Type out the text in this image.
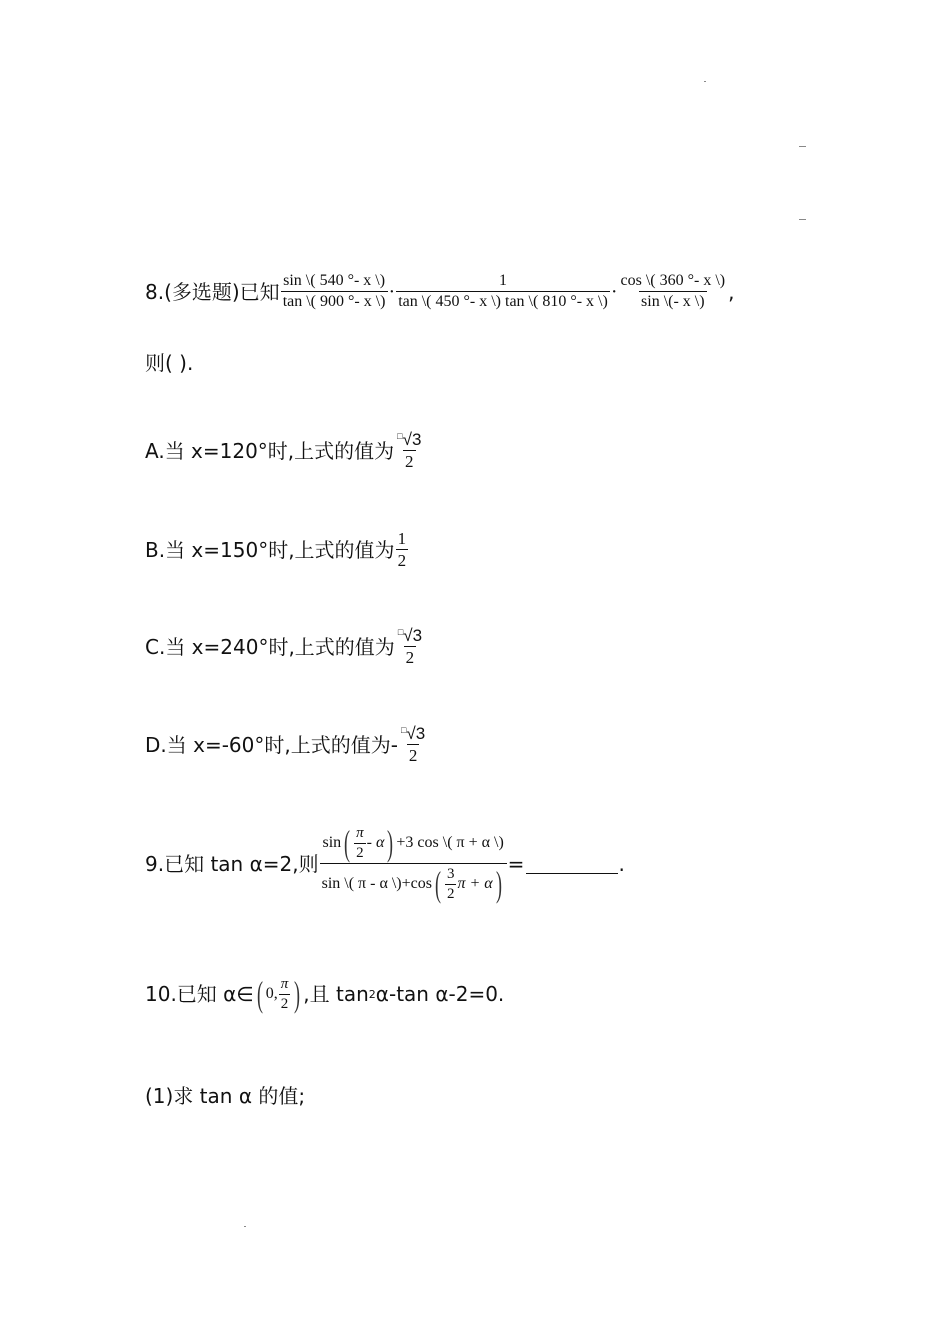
8.(多选题)已知 $\frac{\sin \backslash( 540 ^\circ- x \backslash)}{\tan \backslash( 900 ^\circ- x \backslash)} \cdot \frac{1}{\tan \backslash( 450 ^\circ- x \backslash) \tan \backslash( 810 ^\circ- x \backslash)} \cdot \frac{\cos \backslash( 360 ^\circ- x \backslash)}{\sin \backslash(- x \backslash)}$ ,
则( ).
A.当 x=120°时,上式的值为 $\frac{^□√3}{2}$
B.当 x=150°时,上式的值为 $\frac{1}{2}$
C.当 x=240°时,上式的值为 $\frac{^□√3}{2}$
D.当 x=-60°时,上式的值为 - $\frac{^□√3}{2}$
9.已知 tan α=2,则
sin ( $\frac{\pi}{2}$ - α ) +3 cos \( π + α \)
sin \( π - α \)+cos ( $\frac{3}{2}$ π + α )
=	.
10.已知 α∈ ( 0, $\frac{\pi}{2}$ ) ,且 tan 2 α-tan α-2=0.
(1)求 tan α 的值;
